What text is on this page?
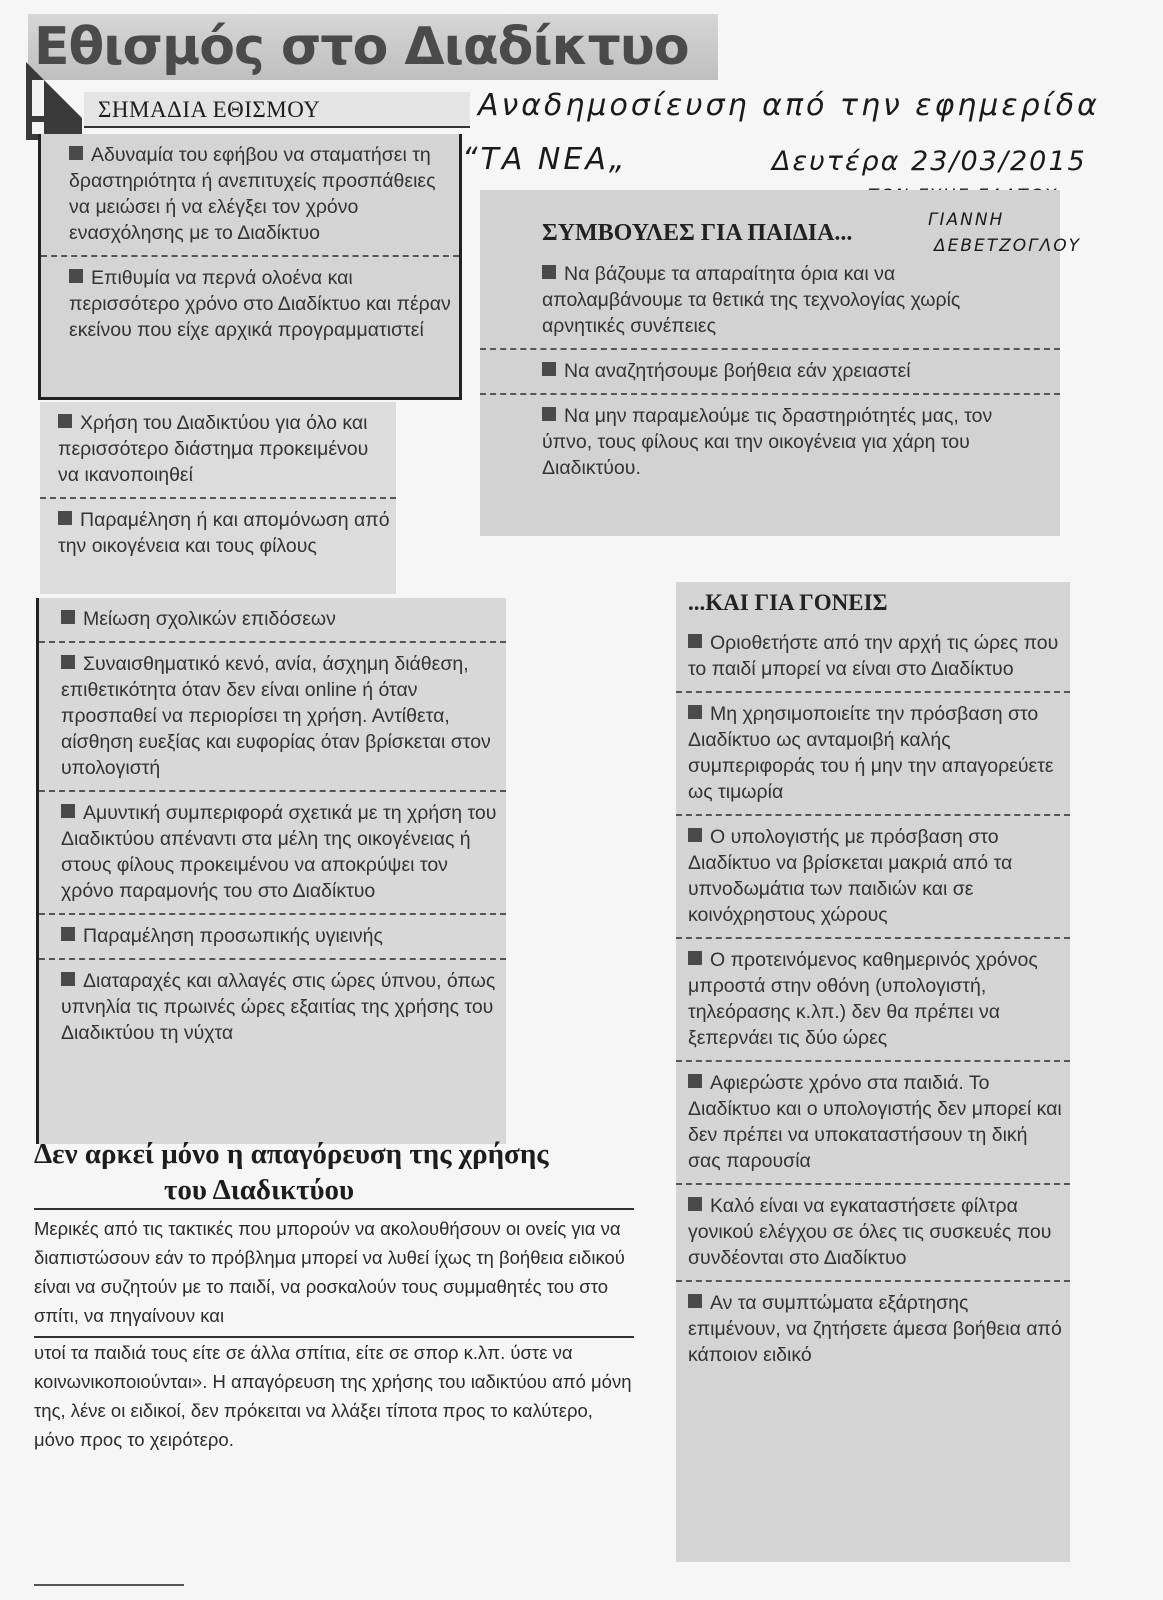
Εθισμός στο Διαδίκτυο
ΣΗΜΑΔΙΑ ΕΘΙΣΜΟΥ
Αδυναμία του εφήβου να σταματήσει τη δραστηριότητα ή ανεπιτυχείς προσπάθειες να μειώσει ή να ελέγξει τον χρόνο ενασχόλησης με το Διαδίκτυο
Επιθυμία να περνά ολοένα και περισσότερο χρόνο στο Διαδίκτυο και πέραν εκείνου που είχε αρχικά προγραμματιστεί
Χρήση του Διαδικτύου για όλο και περισσότερο διάστημα προκειμένου να ικανοποιηθεί
Παραμέληση ή και απομόνωση από την οικογένεια και τους φίλους
Μείωση σχολικών επιδόσεων
Συναισθηματικό κενό, ανία, άσχημη διάθεση, επιθετικότητα όταν δεν είναι online ή όταν προσπαθεί να περιορίσει τη χρήση. Αντίθετα, αίσθηση ευεξίας και ευφορίας όταν βρίσκεται στον υπολογιστή
Αμυντική συμπεριφορά σχετικά με τη χρήση του Διαδικτύου απέναντι στα μέλη της οικογένειας ή στους φίλους προκειμένου να αποκρύψει τον χρόνο παραμονής του στο Διαδίκτυο
Παραμέληση προσωπικής υγιεινής
Διαταραχές και αλλαγές στις ώρες ύπνου, όπως υπνηλία τις πρωινές ώρες εξαιτίας της χρήσης του Διαδικτύου τη νύχτα
Αναδημοσίευση από την εφημερίδα
“ΤΑ ΝΕΑ„	Δευτέρα 23/03/2015
ΣΥΜΒΟΥΛΕΣ ΓΙΑ ΠΑΙΔΙΑ...
Να βάζουμε τα απαραίτητα όρια και να απολαμβάνουμε τα θετικά της τεχνολογίας χωρίς αρνητικές συνέπειες
Να αναζητήσουμε βοήθεια εάν χρειαστεί
Να μην παραμελούμε τις δραστηριότητές μας, τον ύπνο, τους φίλους και την οικογένεια για χάρη του Διαδικτύου.
ΓΙΑΝΝΗ
ΔΕΒΕΤΖΟΓΛΟΥ
...ΚΑΙ ΓΙΑ ΓΟΝΕΙΣ
Οριοθετήστε από την αρχή τις ώρες που το παιδί μπορεί να είναι στο Διαδίκτυο
Μη χρησιμοποιείτε την πρόσβαση στο Διαδίκτυο ως ανταμοιβή καλής συμπεριφοράς του ή μην την απαγορεύετε ως τιμωρία
Ο υπολογιστής με πρόσβαση στο Διαδίκτυο να βρίσκεται μακριά από τα υπνοδωμάτια των παιδιών και σε κοινόχρηστους χώρους
Ο προτεινόμενος καθημερινός χρόνος μπροστά στην οθόνη (υπολογιστή, τηλεόρασης κ.λπ.) δεν θα πρέπει να ξεπερνάει τις δύο ώρες
Αφιερώστε χρόνο στα παιδιά. Το Διαδίκτυο και ο υπολογιστής δεν μπορεί και δεν πρέπει να υποκαταστήσουν τη δική σας παρουσία
Καλό είναι να εγκαταστήσετε φίλτρα γονικού ελέγχου σε όλες τις συσκευές που συνδέονται στο Διαδίκτυο
Αν τα συμπτώματα εξάρτησης επιμένουν, να ζητήσετε άμεσα βοήθεια από κάποιον ειδικό
Δεν αρκεί μόνο η απαγόρευση της χρήσης
του Διαδικτύου
Μερικές από τις τακτικές που μπορούν να ακολουθήσουν οι ονείς για να διαπιστώσουν εάν το πρόβλημα μπορεί να λυθεί ίχως τη βοήθεια ειδικού είναι να συζητούν με το παιδί, να ροσκαλούν τους συμμαθητές του στο σπίτι, να πηγαίνουν και
υτοί τα παιδιά τους είτε σε άλλα σπίτια, είτε σε σπορ κ.λπ. ύστε να κοινωνικοποιούνται». Η απαγόρευση της χρήσης του ιαδικτύου από μόνη της, λένε οι ειδικοί, δεν πρόκειται να λλάξει τίποτα προς το καλύτερο, μόνο προς το χειρότερο.
